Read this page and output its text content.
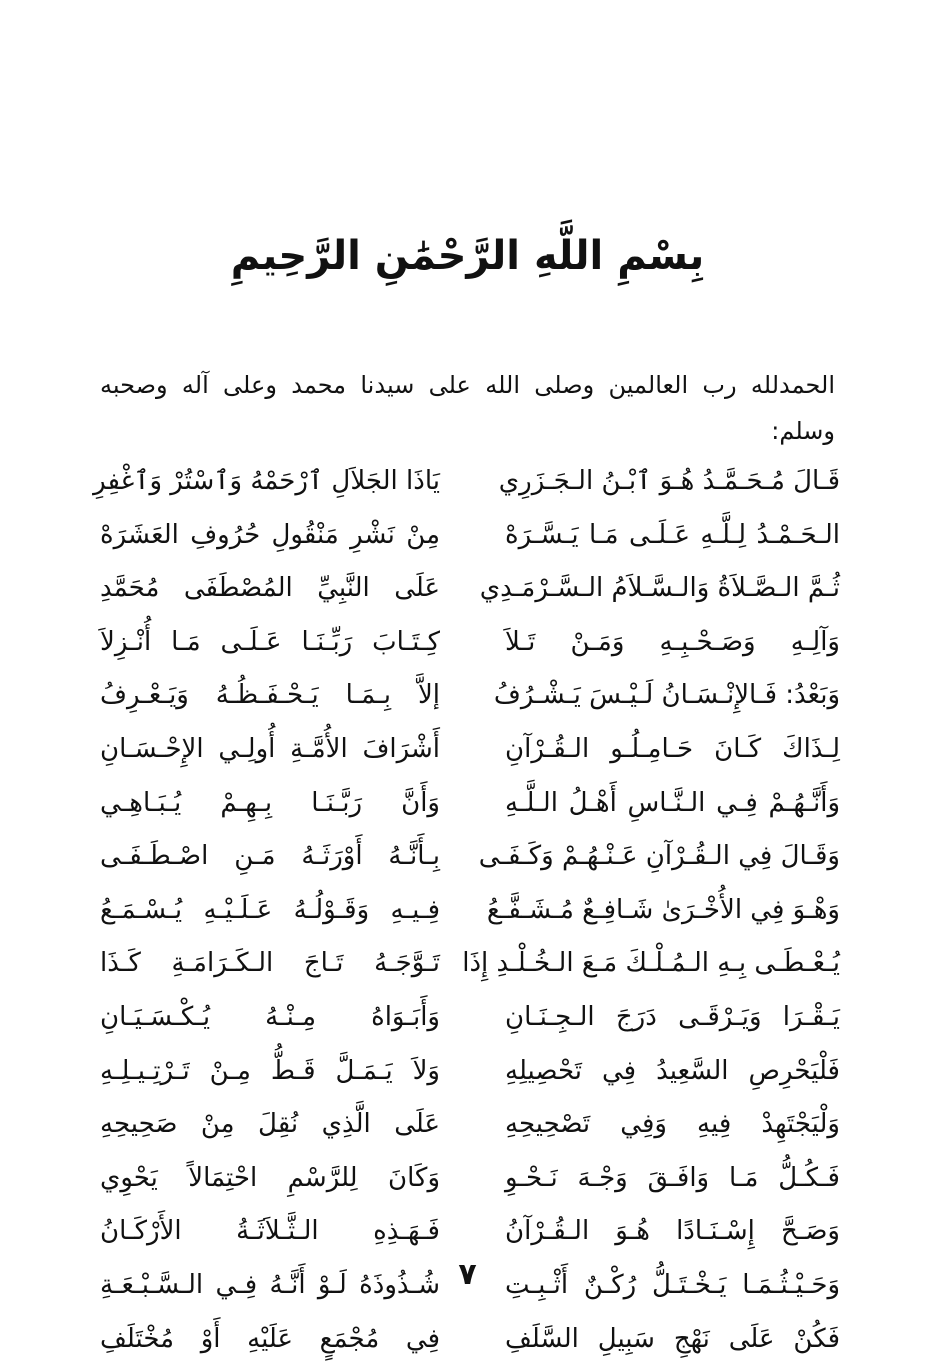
بِسْمِ اللَّهِ الرَّحْمَٰنِ الرَّحِيمِ
الحمدلله رب العالمين وصلى الله على سيدنا محمد وعلى آله وصحبه وسلم:
قَـالَ مُـحَـمَّـدُ هُـوَ ٱبْـنُ الـجَـزَرِي
يَاذَا الجَلاَلِ ٱرْحَمْهُ وَٱسْتُرْ وَٱغْفِرِ
الـحَـمْـدُ لِـلَّـهِ عَـلَـى مَـا يَـسَّـرَهْ
مِنْ نَشْرِ مَنْقُولِ حُرُوفِ العَشَرَهْ
ثُـمَّ الـصَّـلاَةُ وَالـسَّـلاَمُ الـسَّـرْمَـدِي
عَلَى النَّبِيِّ المُصْطَفَى مُحَمَّدِ
وَآلِـهِ وَصَـحْـبِـهِ وَمَـنْ تَـلاَ
كِـتَـابَ رَبِّـنَـا عَـلَـى مَـا أُنْـزِلاَ
وَبَعْدُ: فَـالإِنْـسَـانُ لَـيْـسَ يَـشْـرُفُ
إلاَّ بِـمَـا يَـحْـفَـظُـهُ وَيَـعْـرِفُ
لِـذَاكَ كَـانَ حَـامِـلُـو الـقُـرْآنِ
أَشْرَافَ الأُمَّـةِ أُولِـي الإِحْـسَـانِ
وَأَنَّـهُـمْ فِـي الـنَّـاسِ أَهْـلُ الـلَّـهِ
وَأَنَّ رَبَّـنَـا بِـهِـمْ يُـبَـاهِـي
وَقَـالَ فِي الـقُـرْآنِ عَـنْـهُـمْ وَكَـفَـى
بِـأَنَّـهُ أَوْرَثَـهُ مَـنِ اصْـطَـفَـى
وَهْـوَ فِي الأُخْـرَىٰ شَـافِـعٌ مُـشَـفَّـعُ
فِـيـهِ وَقَـوْلُـهُ عَـلَـيْـهِ يُـسْـمَـعُ
يُـعْـطَـى بِـهِ الـمُـلْـكَ مَـعَ الـخُـلْـدِ إِذَا
تَـوَّجَـهُ تَـاجَ الـكَـرَامَـةِ كَـذَا
يَـقْـرَا وَيَـرْقَـى دَرَجَ الـجِـنَـانِ
وَأَبَـوَاهُ مِـنْـهُ يُـكْـسَـيَـانِ
فَلْيَحْرِصِ السَّعِيدُ فِي تَحْصِيلِهِ
وَلاَ يَـمَـلَّ قَـطُّ مِـنْ تَـرْتِـيـلِـهِ
وَلْيَجْتَهِدْ فِيهِ وَفِي تَصْحِيحِهِ
عَلَى الَّذِي نُقِلَ مِنْ صَحِيحِهِ
فَـكُـلُّ مَـا وَافَـقَ وَجْـهَ نَـحْـوِ
وَكَانَ لِلرَّسْمِ احْتِمَالاً يَحْوِي
وَصَـحَّ إِسْـنَـادًا هُـوَ الـقُـرْآنُ
فَـهَـذِهِ الـثَّـلاَثَـةُ الأَرْكَـانُ
وَحَـيْـثُـمَـا يَـخْـتَـلُّ رُكْـنٌ أَثْـبِـتِ
شُـذُوذَهُ لَـوْ أَنَّـهُ فِـي الـسَّـبْـعَـةِ
فَكُنْ عَلَى نَهْجِ سَبِيلِ السَّلَفِ
فِي مُجْمَعٍ عَلَيْهِ أَوْ مُخْتَلَفِ
٧
